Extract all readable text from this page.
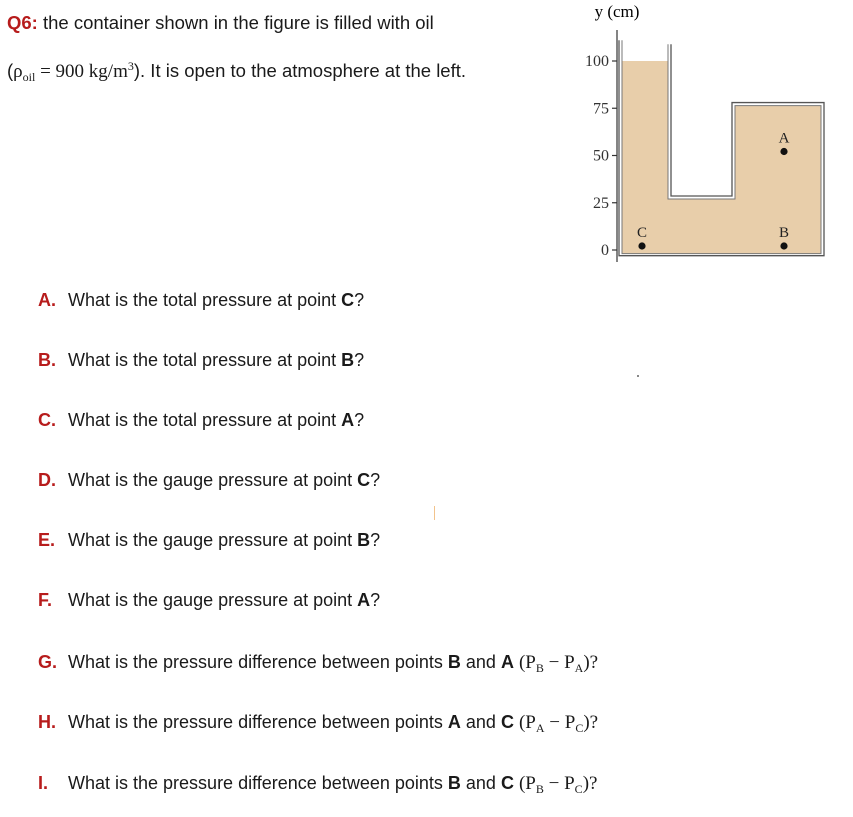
Q6: the container shown in the figure is filled with oil
($\rho_{oil} = 900$ $kg/m^3$). It is open to the atmosphere at the left.
y (cm)
0
25
50
75
100
A
B
C
A. What is the total pressure at point C?
B. What is the total pressure at point B?
C. What is the total pressure at point A?
D. What is the gauge pressure at point C?
E. What is the gauge pressure at point B?
F. What is the gauge pressure at point A?
G. What is the pressure difference between points B and A $(P_B - P_A)$?
H. What is the pressure difference between points A and C $(P_A - P_C)$?
I. What is the pressure difference between points B and C $(P_B - P_C)$?
